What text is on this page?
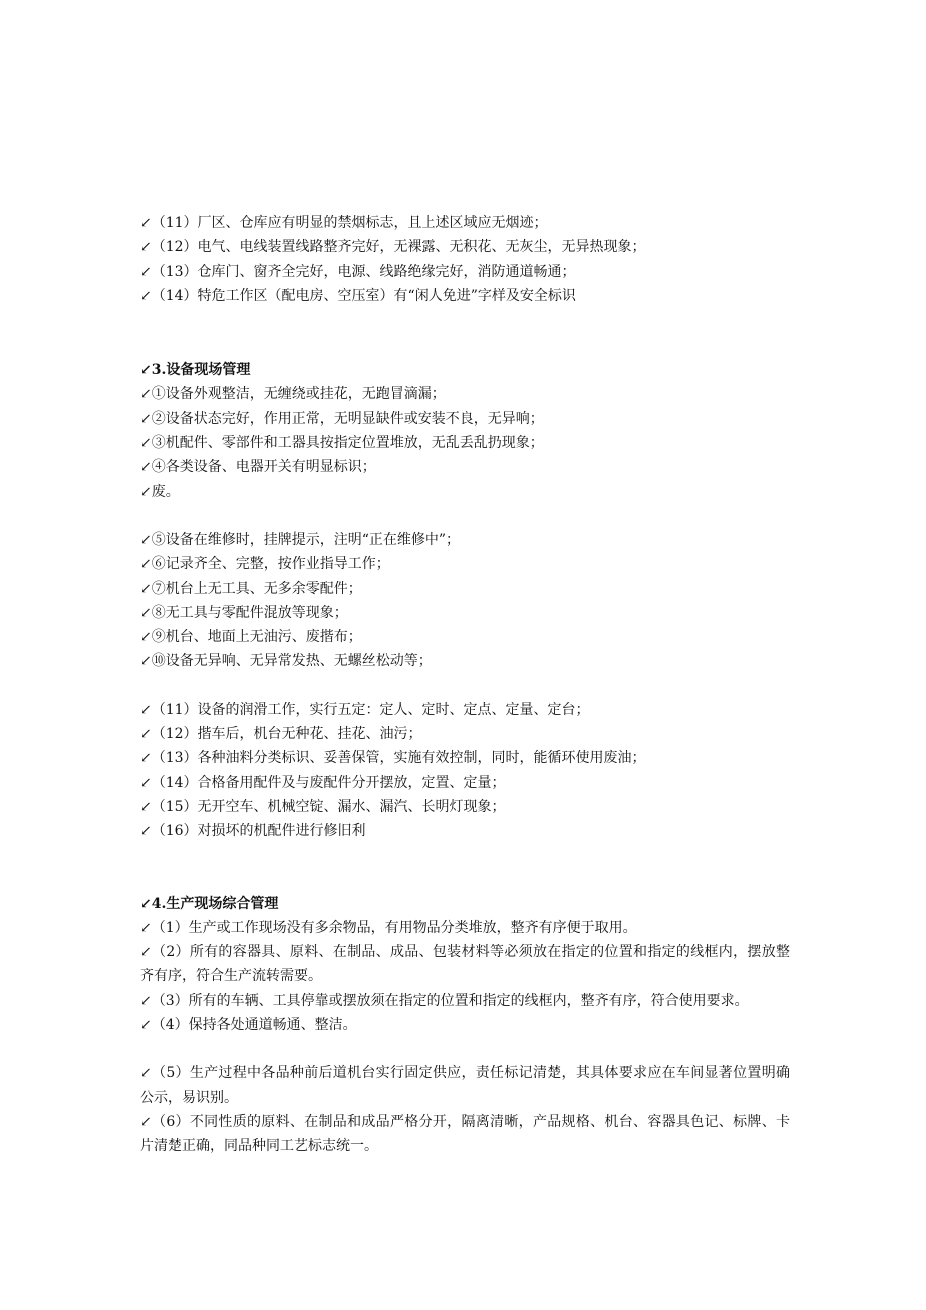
↙（11）厂区、仓库应有明显的禁烟标志，且上述区域应无烟迹；
↙（12）电气、电线装置线路整齐完好，无裸露、无积花、无灰尘，无异热现象；
↙（13）仓库门、窗齐全完好，电源、线路绝缘完好，消防通道畅通；
↙（14）特危工作区（配电房、空压室）有“闲人免进”字样及安全标识
↙3.设备现场管理
↙①设备外观整洁，无缠绕或挂花，无跑冒滴漏；
↙②设备状态完好，作用正常，无明显缺件或安装不良，无异响；
↙③机配件、零部件和工器具按指定位置堆放，无乱丢乱扔现象；
↙④各类设备、电器开关有明显标识；
↙废。
↙⑤设备在维修时，挂牌提示，注明“正在维修中”；
↙⑥记录齐全、完整，按作业指导工作；
↙⑦机台上无工具、无多余零配件；
↙⑧无工具与零配件混放等现象；
↙⑨机台、地面上无油污、废揩布；
↙⑩设备无异响、无异常发热、无螺丝松动等；
↙（11）设备的润滑工作，实行五定：定人、定时、定点、定量、定台；
↙（12）揩车后，机台无种花、挂花、油污；
↙（13）各种油料分类标识、妥善保管，实施有效控制，同时，能循环使用废油；
↙（14）合格备用配件及与废配件分开摆放，定置、定量；
↙（15）无开空车、机械空锭、漏水、漏汽、长明灯现象；
↙（16）对损坏的机配件进行修旧利
↙4.生产现场综合管理
↙（1）生产或工作现场没有多余物品，有用物品分类堆放，整齐有序便于取用。
↙（2）所有的容器具、原料、在制品、成品、包装材料等必须放在指定的位置和指定的线框内，摆放整齐有序，符合生产流转需要。
↙（3）所有的车辆、工具停靠或摆放须在指定的位置和指定的线框内，整齐有序，符合使用要求。
↙（4）保持各处通道畅通、整洁。
↙（5）生产过程中各品种前后道机台实行固定供应，责任标记清楚，其具体要求应在车间显著位置明确公示，易识别。
↙（6）不同性质的原料、在制品和成品严格分开，隔离清晰，产品规格、机台、容器具色记、标牌、卡片清楚正确，同品种同工艺标志统一。
